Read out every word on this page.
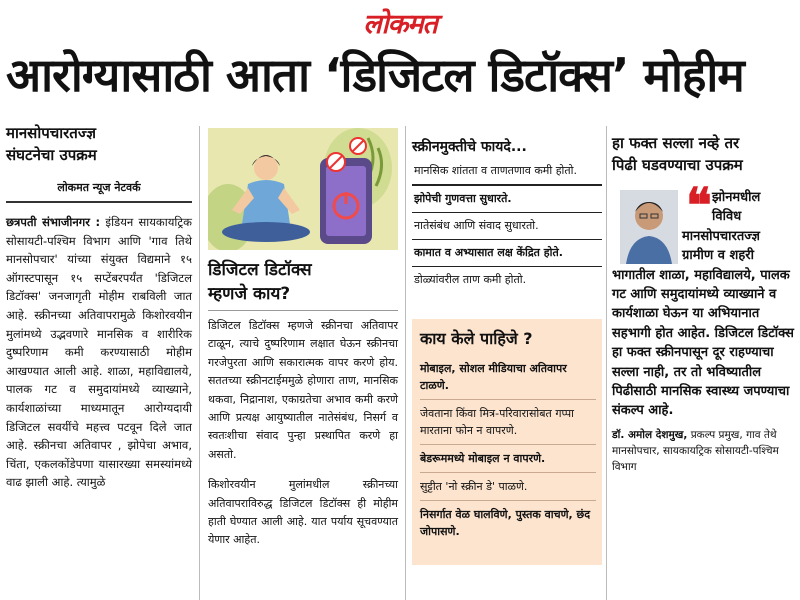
लोकमत
आरोग्यासाठी आता ‘डिजिटल डिटॉक्स’ मोहीम
मानसोपचारतज्ज्ञ
संघटनेचा उपक्रम
लोकमत न्यूज नेटवर्क
छत्रपती संभाजीनगर : इंडियन सायकायट्रिक सोसायटी-पश्चिम विभाग आणि 'गाव तिथे मानसोपचार' यांच्या संयुक्त विद्यमाने १५ ऑगस्टपासून १५ सप्टेंबरपर्यंत 'डिजिटल डिटॉक्स' जनजागृती मोहीम राबविली जात आहे. स्क्रीनच्या अतिवापरामुळे किशोरवयीन मुलांमध्ये उद्भवणारे मानसिक व शारीरिक दुष्परिणाम कमी करण्यासाठी मोहीम आखण्यात आली आहे. शाळा, महाविद्यालये, पालक गट व समुदायांमध्ये व्याख्याने, कार्यशाळांच्या माध्यमातून आरोग्यदायी डिजिटल सवयींचे महत्त्व पटवून दिले जात आहे. स्क्रीनचा अतिवापर , झोपेचा अभाव, चिंता, एकलकोंडेपणा यासारख्या समस्यांमध्ये वाढ झाली आहे. त्यामुळे
डिजिटल डिटॉक्स
म्हणजे काय?
डिजिटल डिटॉक्स म्हणजे स्क्रीनचा अतिवापर टाळून, त्याचे दुष्परिणाम लक्षात घेऊन स्क्रीनचा गरजेपुरता आणि सकारात्मक वापर करणे होय. सततच्या स्क्रीनटाईममुळे होणारा ताण, मानसिक थकवा, निद्रानाश, एकाग्रतेचा अभाव कमी करणे आणि प्रत्यक्ष आयुष्यातील नातेसंबंध, निसर्ग व स्वतःशीचा संवाद पुन्हा प्रस्थापित करणे हा असतो.
किशोरवयीन मुलांमधील स्क्रीनच्या अतिवापराविरुद्ध डिजिटल डिटॉक्स ही मोहीम हाती घेण्यात आली आहे. यात पर्याय सूचवण्यात येणार आहेत.
स्क्रीनमुक्तीचे फायदे...
मानसिक शांतता व ताणतणाव कमी होतो.
झोपेची गुणवत्ता सुधारते.
नातेसंबंध आणि संवाद सुधारतो.
कामात व अभ्यासात लक्ष केंद्रित होते.
डोळ्यांवरील ताण कमी होतो.
काय केले पाहिजे ?
मोबाइल, सोशल मीडियाचा अतिवापर टाळणे.
जेवताना किंवा मित्र-परिवारासोबत गप्पा मारताना फोन न वापरणे.
बेडरूममध्ये मोबाइल न वापरणे.
सुट्टीत 'नो स्क्रीन डे' पाळणे.
निसर्गात वेळ घालविणे, पुस्तक वाचणे, छंद जोपासणे.
हा फक्त सल्ला नव्हे तर
पिढी घडवण्याचा उपक्रम
❝ झोनमधील
विविध
मानसोपचारतज्ज्ञ
ग्रामीण व शहरी
भागातील शाळा, महाविद्यालये, पालक गट आणि समुदायांमध्ये व्याख्याने व कार्यशाळा घेऊन या अभियानात सहभागी होत आहेत. डिजिटल डिटॉक्स हा फक्त स्क्रीनपासून दूर राहण्याचा सल्ला नाही, तर तो भविष्यातील पिढीसाठी मानसिक स्वास्थ्य जपण्याचा संकल्प आहे.
डॉ. अमोल देशमुख, प्रकल्प प्रमुख, गाव तेथे मानसोपचार, सायकायट्रिक सोसायटी-पश्चिम विभाग
